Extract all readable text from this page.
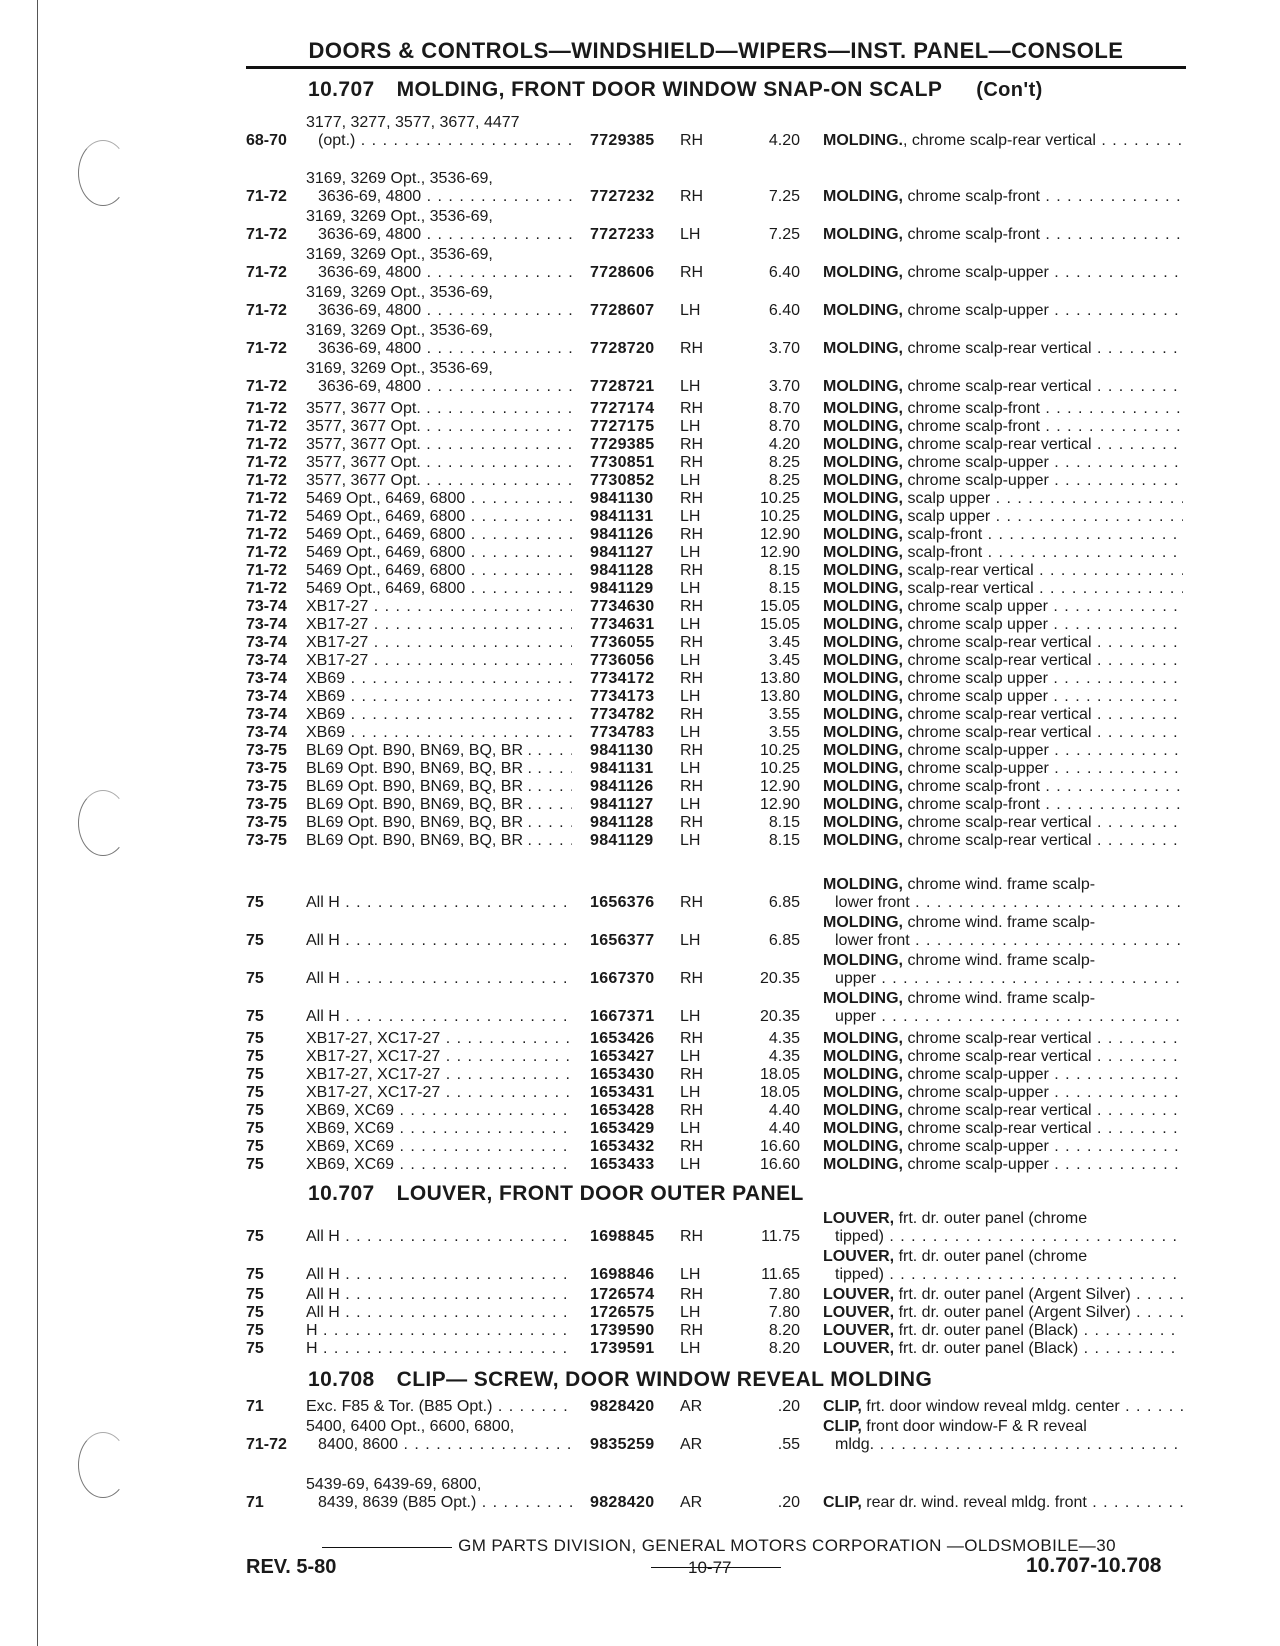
DOORS & CONTROLS—WINDSHIELD—WIPERS—INST. PANEL—CONSOLE
10.707 MOLDING, FRONT DOOR WINDOW SNAP-ON SCALP (Con't)
10.707 LOUVER, FRONT DOOR OUTER PANEL
10.708 CLIP— SCREW, DOOR WINDOW REVEAL MOLDING
68-70
3177, 3277, 3577, 3677, 4477
(opt.) . . .	7729385 RH	4.20 MOLDING., chrome scalp-rear vertical . . .
71-72
3169, 3269 Opt., 3536-69,
3636-69, 4800 . . .	7727232 RH	7.25 MOLDING, chrome scalp-front . . .
71-72
3169, 3269 Opt., 3536-69,
3636-69, 4800 . . .	7727233 LH	7.25 MOLDING, chrome scalp-front . . .
71-72
3169, 3269 Opt., 3536-69,
3636-69, 4800 . . .	7728606 RH	6.40 MOLDING, chrome scalp-upper . . .
71-72
3169, 3269 Opt., 3536-69,
3636-69, 4800 . . .	7728607 LH	6.40 MOLDING, chrome scalp-upper . . .
71-72
3169, 3269 Opt., 3536-69,
3636-69, 4800 . . .	7728720 RH	3.70 MOLDING, chrome scalp-rear vertical . . .
71-72
3169, 3269 Opt., 3536-69,
3636-69, 4800 . . .	7728721 LH	3.70 MOLDING, chrome scalp-rear vertical . . .
71-72 3577, 3677 Opt. . . .	7727174 RH	8.70 MOLDING, chrome scalp-front . . .
71-72 3577, 3677 Opt. . . .	7727175 LH	8.70 MOLDING, chrome scalp-front . . .
71-72 3577, 3677 Opt. . . .	7729385 RH	4.20 MOLDING, chrome scalp-rear vertical . . .
71-72 3577, 3677 Opt. . . .	7730851 RH	8.25 MOLDING, chrome scalp-upper . . .
71-72 3577, 3677 Opt. . . .	7730852 LH	8.25 MOLDING, chrome scalp-upper . . .
71-72 5469 Opt., 6469, 6800 . . .	9841130 RH	10.25 MOLDING, scalp upper . . .
71-72 5469 Opt., 6469, 6800 . . .	9841131 LH	10.25 MOLDING, scalp upper . . .
71-72 5469 Opt., 6469, 6800 . . .	9841126 RH	12.90 MOLDING, scalp-front . . .
71-72 5469 Opt., 6469, 6800 . . .	9841127 LH	12.90 MOLDING, scalp-front . . .
71-72 5469 Opt., 6469, 6800 . . .	9841128 RH	8.15 MOLDING, scalp-rear vertical . . .
71-72 5469 Opt., 6469, 6800 . . .	9841129 LH	8.15 MOLDING, scalp-rear vertical . . .
73-74 XB17-27 . . .	7734630 RH	15.05 MOLDING, chrome scalp upper . . .
73-74 XB17-27 . . .	7734631 LH	15.05 MOLDING, chrome scalp upper . . .
73-74 XB17-27 . . .	7736055 RH	3.45 MOLDING, chrome scalp-rear vertical . . .
73-74 XB17-27 . . .	7736056 LH	3.45 MOLDING, chrome scalp-rear vertical . . .
73-74 XB69 . . .	7734172 RH	13.80 MOLDING, chrome scalp upper . . .
73-74 XB69 . . .	7734173 LH	13.80 MOLDING, chrome scalp upper . . .
73-74 XB69 . . .	7734782 RH	3.55 MOLDING, chrome scalp-rear vertical . . .
73-74 XB69 . . .	7734783 LH	3.55 MOLDING, chrome scalp-rear vertical . . .
73-75 BL69 Opt. B90, BN69, BQ, BR . . . .	9841130 RH	10.25 MOLDING, chrome scalp-upper . . .
73-75 BL69 Opt. B90, BN69, BQ, BR . . . .	9841131 LH	10.25 MOLDING, chrome scalp-upper . . .
73-75 BL69 Opt. B90, BN69, BQ, BR . . . .	9841126 RH	12.90 MOLDING, chrome scalp-front . . .
73-75 BL69 Opt. B90, BN69, BQ, BR . . . .	9841127 LH	12.90 MOLDING, chrome scalp-front . . .
73-75 BL69 Opt. B90, BN69, BQ, BR . . . .	9841128 RH	8.15 MOLDING, chrome scalp-rear vertical . . .
73-75 BL69 Opt. B90, BN69, BQ, BR . . . .	9841129 LH	8.15 MOLDING, chrome scalp-rear vertical . . .
75	All H . . .	1656376 RH	6.85
MOLDING, chrome wind. frame scalp-
lower front . . .
75	All H . . .	1656377 LH	6.85
MOLDING, chrome wind. frame scalp-
lower front . . .
75	All H . . .	1667370 RH	20.35
MOLDING, chrome wind. frame scalp-
upper . . .
75	All H . . .	1667371 LH	20.35
MOLDING, chrome wind. frame scalp-
upper . . .
75	XB17-27, XC17-27 . . .	1653426 RH	4.35 MOLDING, chrome scalp-rear vertical . . .
75	XB17-27, XC17-27 . . .	1653427 LH	4.35 MOLDING, chrome scalp-rear vertical . . .
75	XB17-27, XC17-27 . . .	1653430 RH	18.05 MOLDING, chrome scalp-upper . . .
75	XB17-27, XC17-27 . . .	1653431 LH	18.05 MOLDING, chrome scalp-upper . . .
75	XB69, XC69 . . .	1653428 RH	4.40 MOLDING, chrome scalp-rear vertical . . .
75	XB69, XC69 . . .	1653429 LH	4.40 MOLDING, chrome scalp-rear vertical . . .
75	XB69, XC69 . . .	1653432 RH	16.60 MOLDING, chrome scalp-upper . . .
75	XB69, XC69 . . .	1653433 LH	16.60 MOLDING, chrome scalp-upper . . .
75	All H . . .	1698845 RH	11.75
LOUVER, frt. dr. outer panel (chrome
tipped) . . .
75	All H . . .	1698846 LH	11.65
LOUVER, frt. dr. outer panel (chrome
tipped) . . .
75	All H . . .	1726574 RH	7.80 LOUVER, frt. dr. outer panel (Argent Silver) . . .
75	All H . . .	1726575 LH	7.80 LOUVER, frt. dr. outer panel (Argent Silver) . . .
75	H . . .	1739590 RH	8.20 LOUVER, frt. dr. outer panel (Black) . . .
75	H . . .	1739591 LH	8.20 LOUVER, frt. dr. outer panel (Black) . . .
71	Exc. F85 & Tor. (B85 Opt.) . . .	9828420 AR	.20 CLIP, frt. door window reveal mldg. center . . .
71-72
5400, 6400 Opt., 6600, 6800,
8400, 8600 . . .	9835259 AR	.55
CLIP, front door window-F & R reveal
mldg. . . .
71
5439-69, 6439-69, 6800,
8439, 8639 (B85 Opt.) . . .	9828420 AR	.20 CLIP, rear dr. wind. reveal mldg. front . . .
GM PARTS DIVISION, GENERAL MOTORS CORPORATION —OLDSMOBILE—30
REV. 5-80	10-77	10.707-10.708
